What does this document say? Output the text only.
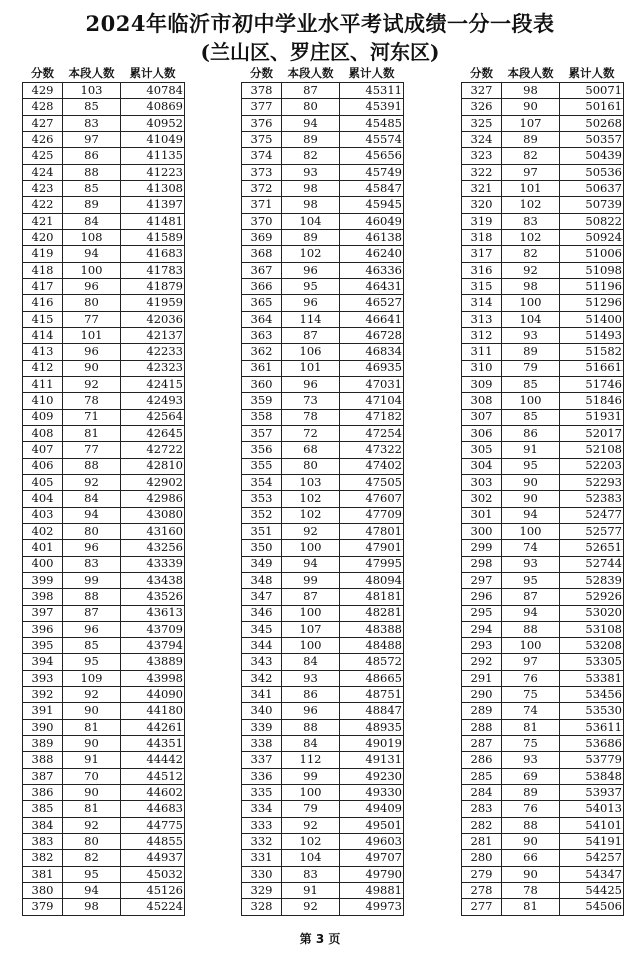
2024年临沂市初中学业水平考试成绩一分一段表
(兰山区、罗庄区、河东区)
分数	本段人数	累计人数
429	103	40784
428	85	40869
427	83	40952
426	97	41049
425	86	41135
424	88	41223
423	85	41308
422	89	41397
421	84	41481
420	108	41589
419	94	41683
418	100	41783
417	96	41879
416	80	41959
415	77	42036
414	101	42137
413	96	42233
412	90	42323
411	92	42415
410	78	42493
409	71	42564
408	81	42645
407	77	42722
406	88	42810
405	92	42902
404	84	42986
403	94	43080
402	80	43160
401	96	43256
400	83	43339
399	99	43438
398	88	43526
397	87	43613
396	96	43709
395	85	43794
394	95	43889
393	109	43998
392	92	44090
391	90	44180
390	81	44261
389	90	44351
388	91	44442
387	70	44512
386	90	44602
385	81	44683
384	92	44775
383	80	44855
382	82	44937
381	95	45032
380	94	45126
379	98	45224
分数	本段人数	累计人数
378	87	45311
377	80	45391
376	94	45485
375	89	45574
374	82	45656
373	93	45749
372	98	45847
371	98	45945
370	104	46049
369	89	46138
368	102	46240
367	96	46336
366	95	46431
365	96	46527
364	114	46641
363	87	46728
362	106	46834
361	101	46935
360	96	47031
359	73	47104
358	78	47182
357	72	47254
356	68	47322
355	80	47402
354	103	47505
353	102	47607
352	102	47709
351	92	47801
350	100	47901
349	94	47995
348	99	48094
347	87	48181
346	100	48281
345	107	48388
344	100	48488
343	84	48572
342	93	48665
341	86	48751
340	96	48847
339	88	48935
338	84	49019
337	112	49131
336	99	49230
335	100	49330
334	79	49409
333	92	49501
332	102	49603
331	104	49707
330	83	49790
329	91	49881
328	92	49973
分数	本段人数	累计人数
327	98	50071
326	90	50161
325	107	50268
324	89	50357
323	82	50439
322	97	50536
321	101	50637
320	102	50739
319	83	50822
318	102	50924
317	82	51006
316	92	51098
315	98	51196
314	100	51296
313	104	51400
312	93	51493
311	89	51582
310	79	51661
309	85	51746
308	100	51846
307	85	51931
306	86	52017
305	91	52108
304	95	52203
303	90	52293
302	90	52383
301	94	52477
300	100	52577
299	74	52651
298	93	52744
297	95	52839
296	87	52926
295	94	53020
294	88	53108
293	100	53208
292	97	53305
291	76	53381
290	75	53456
289	74	53530
288	81	53611
287	75	53686
286	93	53779
285	69	53848
284	89	53937
283	76	54013
282	88	54101
281	90	54191
280	66	54257
279	90	54347
278	78	54425
277	81	54506
第 3 页
